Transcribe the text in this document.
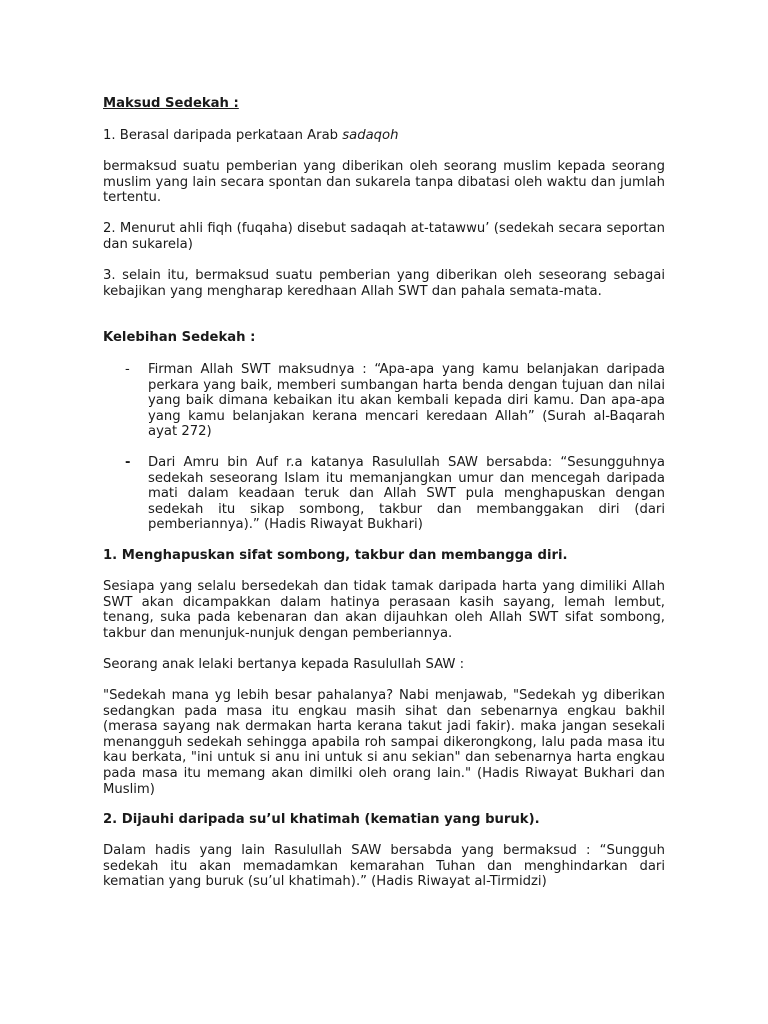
Maksud Sedekah :

1. Berasal daripada perkataan Arab sadaqoh

bermaksud suatu pemberian yang diberikan oleh seorang muslim kepada seorang muslim yang lain secara spontan dan sukarela tanpa dibatasi oleh waktu dan jumlah tertentu.

2. Menurut ahli fiqh (fuqaha) disebut sadaqah at-tatawwu’ (sedekah secara seportan dan sukarela)

3. selain itu, bermaksud suatu pemberian yang diberikan oleh seseorang sebagai kebajikan yang mengharap keredhaan Allah SWT dan pahala semata-mata.

Kelebihan Sedekah :

- Firman Allah SWT maksudnya : “Apa-apa yang kamu belanjakan daripada perkara yang baik, memberi sumbangan harta benda dengan tujuan dan nilai yang baik dimana kebaikan itu akan kembali kepada diri kamu. Dan apa-apa yang kamu belanjakan kerana mencari keredaan Allah” (Surah al-Baqarah ayat 272)

- Dari Amru bin Auf r.a katanya Rasulullah SAW bersabda: “Sesungguhnya sedekah seseorang Islam itu memanjangkan umur dan mencegah daripada mati dalam keadaan teruk dan Allah SWT pula menghapuskan dengan sedekah itu sikap sombong, takbur dan membanggakan diri (dari pemberiannya).” (Hadis Riwayat Bukhari)

1. Menghapuskan sifat sombong, takbur dan membangga diri.

Sesiapa yang selalu bersedekah dan tidak tamak daripada harta yang dimiliki Allah SWT akan dicampakkan dalam hatinya perasaan kasih sayang, lemah lembut, tenang, suka pada kebenaran dan akan dijauhkan oleh Allah SWT sifat sombong, takbur dan menunjuk-nunjuk dengan pemberiannya.

Seorang anak lelaki bertanya kepada Rasulullah SAW :

"Sedekah mana yg lebih besar pahalanya? Nabi menjawab, "Sedekah yg diberikan sedangkan pada masa itu engkau masih sihat dan sebenarnya engkau bakhil (merasa sayang nak dermakan harta kerana takut jadi fakir). maka jangan sesekali menangguh sedekah sehingga apabila roh sampai dikerongkong, lalu pada masa itu kau berkata, "ini untuk si anu ini untuk si anu sekian" dan sebenarnya harta engkau pada masa itu memang akan dimilki oleh orang lain." (Hadis Riwayat Bukhari dan Muslim)

2. Dijauhi daripada su’ul khatimah (kematian yang buruk).

Dalam hadis yang lain Rasulullah SAW bersabda yang bermaksud : “Sungguh sedekah itu akan memadamkan kemarahan Tuhan dan menghindarkan dari kematian yang buruk (su’ul khatimah).” (Hadis Riwayat al-Tirmidzi)
